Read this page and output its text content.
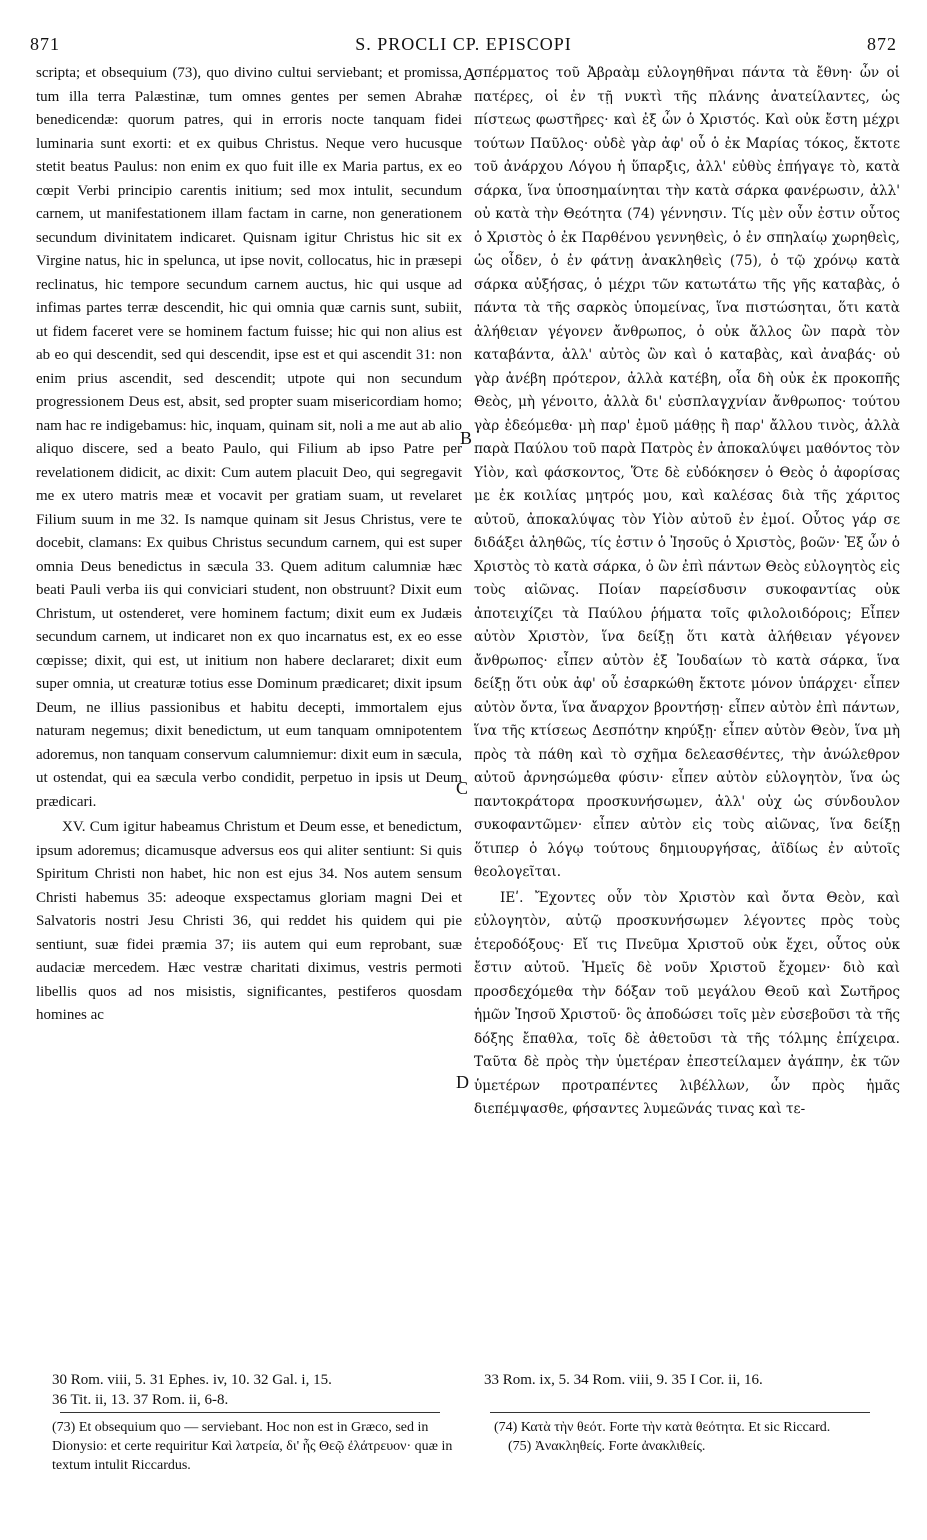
871	S. PROCLI CP. EPISCOPI	872

scripta; et obsequium (73), quo divino cultui serviebant; et promissa, tum illa terra Palæstinæ, tum omnes gentes per semen Abrahæ benedicendæ: quorum patres, qui in erroris nocte tanquam fidei luminaria sunt exorti: et ex quibus Christus. Neque vero hucusque stetit beatus Paulus: non enim ex quo fuit ille ex Maria partus, ex eo cœpit Verbi principio carentis initium; sed mox intulit, secundum carnem, ut manifestationem illam factam in carne, non generationem secundum divinitatem indicaret. Quisnam igitur Christus hic sit ex Virgine natus, hic in spelunca, ut ipse novit, collocatus, hic in præsepi reclinatus, hic tempore secundum carnem auctus, hic qui usque ad infimas partes terræ descendit, hic qui omnia quæ carnis sunt, subiit, ut fidem faceret vere se hominem factum fuisse; hic qui non alius est ab eo qui descendit, sed qui descendit, ipse est et qui ascendit 31: non enim prius ascendit, sed descendit; utpote qui non secundum progressionem Deus est, absit, sed propter suam misericordiam homo; nam hac re indigebamus: hic, inquam, quinam sit, noli a me aut ab alio aliquo discere, sed a beato Paulo, qui Filium ab ipso Patre per revelationem didicit, ac dixit: Cum autem placuit Deo, qui segregavit me ex utero matris meæ et vocavit per gratiam suam, ut revelaret Filium suum in me 32. Is namque quinam sit Jesus Christus, vere te docebit, clamans: Ex quibus Christus secundum carnem, qui est super omnia Deus benedictus in sæcula 33. Quem aditum calumniæ hæc beati Pauli verba iis qui conviciari student, non obstruunt? Dixit eum Christum, ut ostenderet, vere hominem factum; dixit eum ex Judæis secundum carnem, ut indicaret non ex quo incarnatus est, ex eo esse cœpisse; dixit, qui est, ut initium non habere declararet; dixit eum super omnia, ut creaturæ totius esse Dominum prædicaret; dixit ipsum Deum, ne illius passionibus et habitu decepti, immortalem ejus naturam negemus; dixit benedictum, ut eum tanquam omnipotentem adoremus, non tanquam conservum calumniemur: dixit eum in sæcula, ut ostendat, qui ea sæcula verbo condidit, perpetuo in ipsis ut Deum prædicari.

XV. Cum igitur habeamus Christum et Deum esse, et benedictum, ipsum adoremus; dicamusque adversus eos qui aliter sentiunt: Si quis Spiritum Christi non habet, hic non est ejus 34. Nos autem sensum Christi habemus 35: adeoque exspectamus gloriam magni Dei et Salvatoris nostri Jesu Christi 36, qui reddet his quidem qui pie sentiunt, suæ fidei præmia 37; iis autem qui eum reprobant, suæ audaciæ mercedem. Hæc vestræ charitati diximus, vestris permoti libellis quos ad nos misistis, significantes, pestiferos quosdam homines ac

σπέρματος τοῦ Ἀβραὰμ εὐλογηθῆναι πάντα τὰ ἔθνη· ὧν οἱ πατέρες, οἱ ἐν τῇ νυκτὶ τῆς πλάνης ἀνατείλαντες, ὡς πίστεως φωστῆρες· καὶ ἐξ ὧν ὁ Χριστός. Καὶ οὐκ ἔστη μέχρι τούτων Παῦλος· οὐδὲ γὰρ ἀφ' οὗ ὁ ἐκ Μαρίας τόκος, ἔκτοτε τοῦ ἀνάρχου Λόγου ἡ ὕπαρξις, ἀλλ' εὐθὺς ἐπήγαγε τὸ, κατὰ σάρκα, ἵνα ὑποσημαίνηται τὴν κατὰ σάρκα φανέρωσιν, ἀλλ' οὐ κατὰ τὴν Θεότητα (74) γέννησιν. Τίς μὲν οὖν ἐστιν οὗτος ὁ Χριστὸς ὁ ἐκ Παρθένου γεννηθεὶς, ὁ ἐν σπηλαίῳ χωρηθεὶς, ὡς οἶδεν, ὁ ἐν φάτνῃ ἀνακληθεὶς (75), ὁ τῷ χρόνῳ κατὰ σάρκα αὐξήσας, ὁ μέχρι τῶν κατωτάτω τῆς γῆς καταβὰς, ὁ πάντα τὰ τῆς σαρκὸς ὑπομείνας, ἵνα πιστώσηται, ὅτι κατὰ ἀλήθειαν γέγονεν ἄνθρωπος, ὁ οὐκ ἄλλος ὢν παρὰ τὸν καταβάντα, ἀλλ' αὐτὸς ὢν καὶ ὁ καταβὰς, καὶ ἀναβάς· οὐ γὰρ ἀνέβη πρότερον, ἀλλὰ κατέβη, οἷα δὴ οὐκ ἐκ προκοπῆς Θεὸς, μὴ γένοιτο, ἀλλὰ δι' εὐσπλαγχνίαν ἄνθρωπος· τούτου γὰρ ἐδεόμεθα· μὴ παρ' ἐμοῦ μάθῃς ἢ παρ' ἄλλου τινὸς, ἀλλὰ παρὰ Παύλου τοῦ παρὰ Πατρὸς ἐν ἀποκαλύψει μαθόντος τὸν Υἱὸν, καὶ φάσκοντος, Ὅτε δὲ εὐδόκησεν ὁ Θεὸς ὁ ἀφορίσας με ἐκ κοιλίας μητρός μου, καὶ καλέσας διὰ τῆς χάριτος αὐτοῦ, ἀποκαλύψας τὸν Υἱὸν αὐτοῦ ἐν ἐμοί. Οὗτος γάρ σε διδάξει ἀληθῶς, τίς ἐστιν ὁ Ἰησοῦς ὁ Χριστὸς, βοῶν· Ἐξ ὧν ὁ Χριστὸς τὸ κατὰ σάρκα, ὁ ὢν ἐπὶ πάντων Θεὸς εὐλογητὸς εἰς τοὺς αἰῶνας. Ποίαν παρείσδυσιν συκοφαντίας οὐκ ἀποτειχίζει τὰ Παύλου ῥήματα τοῖς φιλολοιδόροις; Εἶπεν αὐτὸν Χριστὸν, ἵνα δείξῃ ὅτι κατὰ ἀλήθειαν γέγονεν ἄνθρωπος· εἶπεν αὐτὸν ἐξ Ἰουδαίων τὸ κατὰ σάρκα, ἵνα δείξῃ ὅτι οὐκ ἀφ' οὗ ἐσαρκώθη ἔκτοτε μόνον ὑπάρχει· εἶπεν αὐτὸν ὄντα, ἵνα ἄναρχον βροντήσῃ· εἶπεν αὐτὸν ἐπὶ πάντων, ἵνα τῆς κτίσεως Δεσπότην κηρύξῃ· εἶπεν αὐτὸν Θεὸν, ἵνα μὴ πρὸς τὰ πάθη καὶ τὸ σχῆμα δελεασθέντες, τὴν ἀνώλεθρον αὐτοῦ ἀρνησώμεθα φύσιν· εἶπεν αὐτὸν εὐλογητὸν, ἵνα ὡς παντοκράτορα προσκυνήσωμεν, ἀλλ' οὐχ ὡς σύνδουλον συκοφαντῶμεν· εἶπεν αὐτὸν εἰς τοὺς αἰῶνας, ἵνα δείξῃ ὅτιπερ ὁ λόγῳ τούτους δημιουργήσας, ἀϊδίως ἐν αὐτοῖς θεολογεῖται.

ΙΕʹ. Ἔχοντες οὖν τὸν Χριστὸν καὶ ὄντα Θεὸν, καὶ εὐλογητὸν, αὐτῷ προσκυνήσωμεν λέγοντες πρὸς τοὺς ἑτεροδόξους· Εἴ τις Πνεῦμα Χριστοῦ οὐκ ἔχει, οὗτος οὐκ ἔστιν αὐτοῦ. Ἡμεῖς δὲ νοῦν Χριστοῦ ἔχομεν· διὸ καὶ προσδεχόμεθα τὴν δόξαν τοῦ μεγάλου Θεοῦ καὶ Σωτῆρος ἡμῶν Ἰησοῦ Χριστοῦ· ὃς ἀποδώσει τοῖς μὲν εὐσεβοῦσι τὰ τῆς δόξης ἔπαθλα, τοῖς δὲ ἀθετοῦσι τὰ τῆς τόλμης ἐπίχειρα. Ταῦτα δὲ πρὸς τὴν ὑμετέραν ἐπεστείλαμεν ἀγάπην, ἐκ τῶν ὑμετέρων προτραπέντες λιβέλλων, ὧν πρὸς ἡμᾶς διεπέμψασθε, φήσαντες λυμεῶνάς τινας καὶ τε-

A
B
C
D
30 Rom. viii, 5. 31 Ephes. iv, 10. 32 Gal. i, 15.
36 Tit. ii, 13. 37 Rom. ii, 6-8.
33 Rom. ix, 5. 34 Rom. viii, 9. 35 I Cor. ii, 16.

(73) Et obsequium quo — serviebant. Hoc non est in Græco, sed in Dionysio: et certe requiritur Καὶ λατρεία, δι' ἧς Θεῷ ἐλάτρευον· quæ in textum intulit Riccardus.

(74) Κατὰ τὴν θεότ. Forte τὴν κατὰ θεότητα. Et sic Riccard.

(75) Ἀνακληθείς. Forte ἀνακλιθείς.
